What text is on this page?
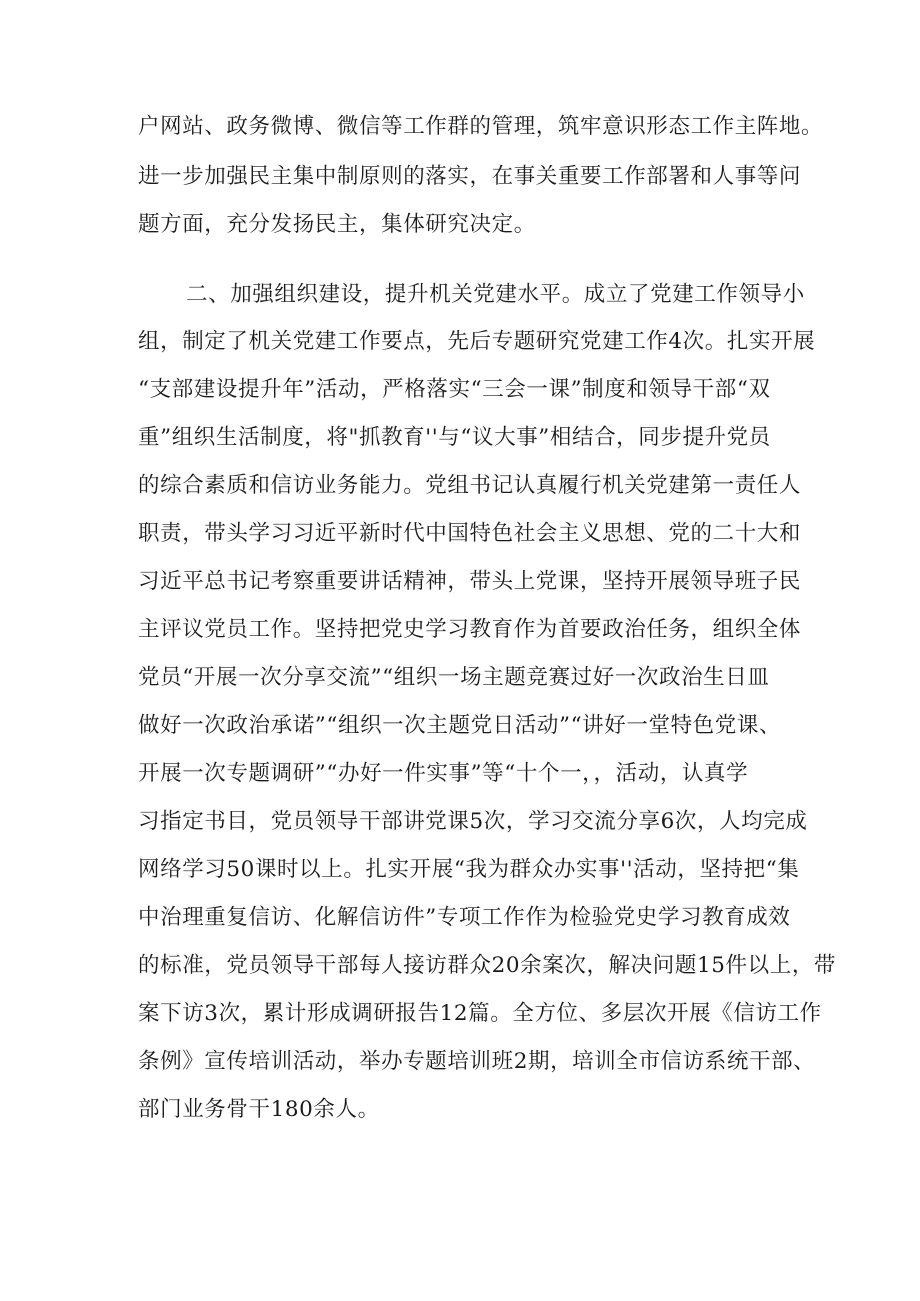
户网站、政务微博、微信等工作群的管理，筑牢意识形态工作主阵地。
进一步加强民主集中制原则的落实，在事关重要工作部署和人事等问
题方面，充分发扬民主，集体研究决定。
二、加强组织建设，提升机关党建水平。成立了党建工作领导小
组，制定了机关党建工作要点，先后专题研究党建工作4次。扎实开展
“支部建设提升年”活动，严格落实“三会一课”制度和领导干部“双
重”组织生活制度，将"抓教育''与“议大事”相结合，同步提升党员
的综合素质和信访业务能力。党组书记认真履行机关党建第一责任人
职责，带头学习习近平新时代中国特色社会主义思想、党的二十大和
习近平总书记考察重要讲话精神，带头上党课，坚持开展领导班子民
主评议党员工作。坚持把党史学习教育作为首要政治任务，组织全体
党员“开展一次分享交流”“组织一场主题竞赛过好一次政治生日皿
做好一次政治承诺”“组织一次主题党日活动”“讲好一堂特色党课、
开展一次专题调研”“办好一件实事”等“十个一，，活动，认真学
习指定书目，党员领导干部讲党课5次，学习交流分享6次，人均完成
网络学习50课时以上。扎实开展“我为群众办实事''活动，坚持把“集
中治理重复信访、化解信访件”专项工作作为检验党史学习教育成效
的标准，党员领导干部每人接访群众20余案次，解决问题15件以上，带
案下访3次，累计形成调研报告12篇。全方位、多层次开展《信访工作
条例》宣传培训活动，举办专题培训班2期，培训全市信访系统干部、
部门业务骨干180余人。
